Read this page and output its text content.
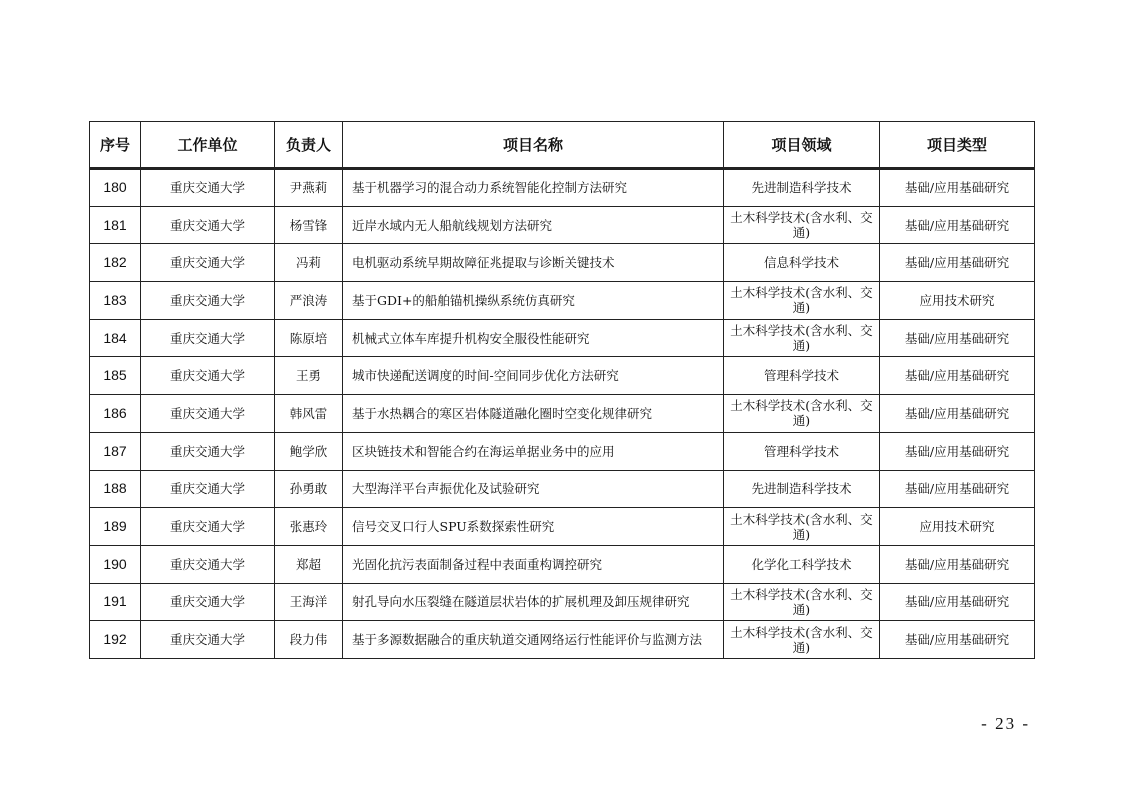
序号	工作单位	负责人	项目名称	项目领域	项目类型
180	重庆交通大学	尹燕莉	基于机器学习的混合动力系统智能化控制方法研究	先进制造科学技术	基础/应用基础研究
181	重庆交通大学	杨雪锋	近岸水域内无人船航线规划方法研究	土木科学技术(含水利、交通)	基础/应用基础研究
182	重庆交通大学	冯莉	电机驱动系统早期故障征兆提取与诊断关键技术	信息科学技术	基础/应用基础研究
183	重庆交通大学	严浪涛	基于GDI+的船舶锚机操纵系统仿真研究	土木科学技术(含水利、交通)	应用技术研究
184	重庆交通大学	陈原培	机械式立体车库提升机构安全服役性能研究	土木科学技术(含水利、交通)	基础/应用基础研究
185	重庆交通大学	王勇	城市快递配送调度的时间-空间同步优化方法研究	管理科学技术	基础/应用基础研究
186	重庆交通大学	韩风雷	基于水热耦合的寒区岩体隧道融化圈时空变化规律研究	土木科学技术(含水利、交通)	基础/应用基础研究
187	重庆交通大学	鲍学欣	区块链技术和智能合约在海运单据业务中的应用	管理科学技术	基础/应用基础研究
188	重庆交通大学	孙勇敢	大型海洋平台声振优化及试验研究	先进制造科学技术	基础/应用基础研究
189	重庆交通大学	张惠玲	信号交叉口行人SPU系数探索性研究	土木科学技术(含水利、交通)	应用技术研究
190	重庆交通大学	郑超	光固化抗污表面制备过程中表面重构调控研究	化学化工科学技术	基础/应用基础研究
191	重庆交通大学	王海洋	射孔导向水压裂缝在隧道层状岩体的扩展机理及卸压规律研究	土木科学技术(含水利、交通)	基础/应用基础研究
192	重庆交通大学	段力伟	基于多源数据融合的重庆轨道交通网络运行性能评价与监测方法	土木科学技术(含水利、交通)	基础/应用基础研究
- 23 -
